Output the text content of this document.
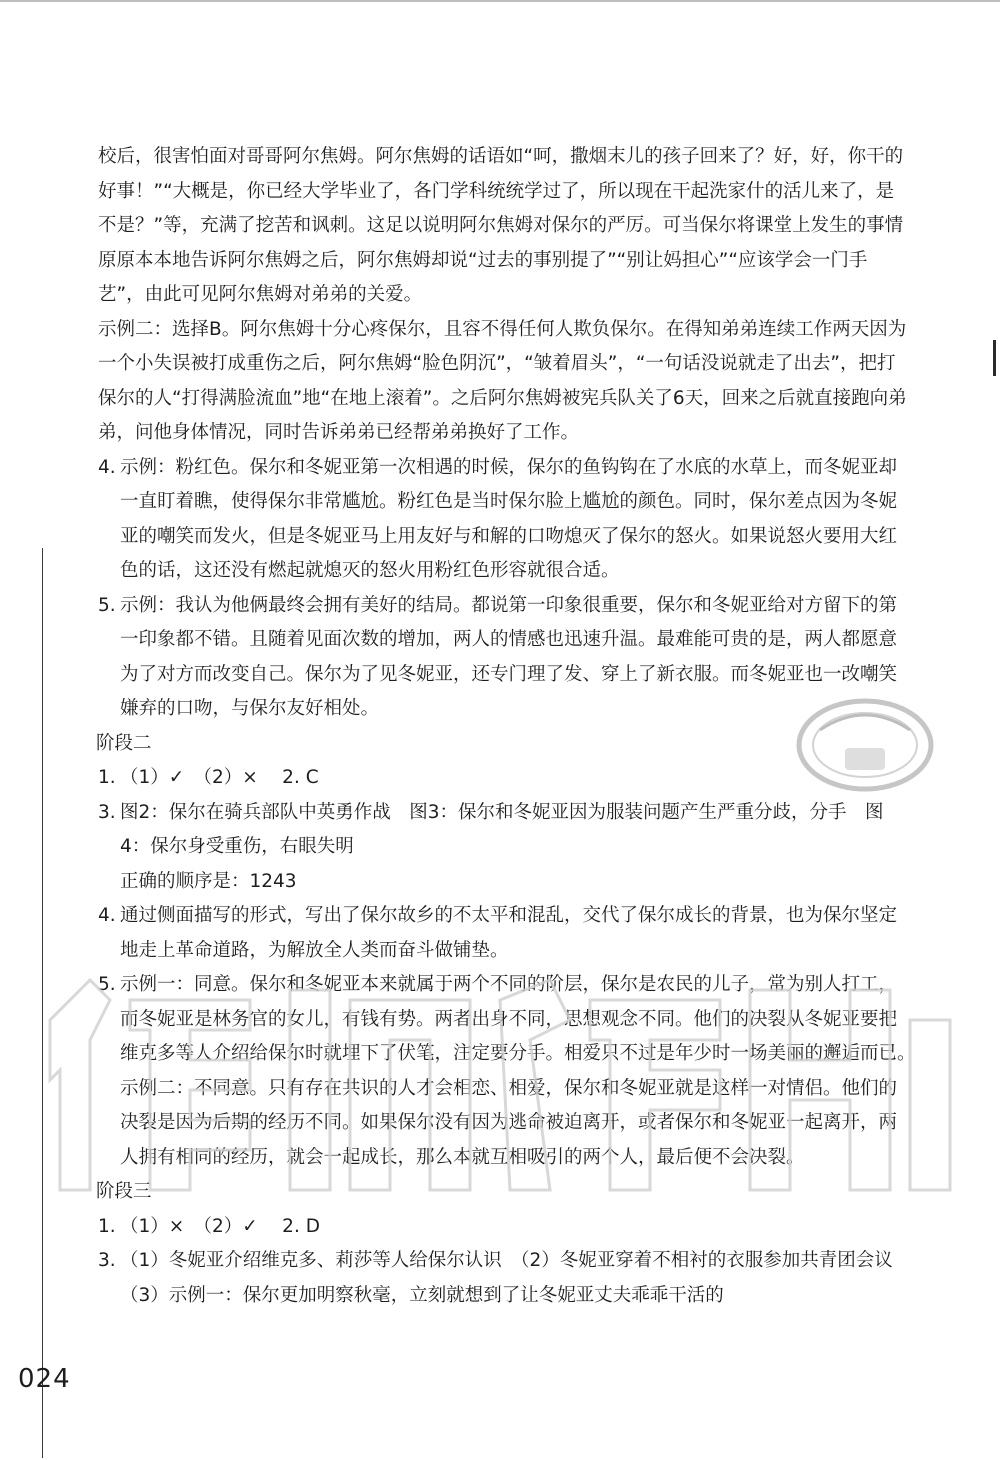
校后，很害怕面对哥哥阿尔焦姆。阿尔焦姆的话语如“呵，撒烟末儿的孩子回来了？好，好，你干的好事！”“大概是，你已经大学毕业了，各门学科统统学过了，所以现在干起洗家什的活儿来了，是不是？”等，充满了挖苦和讽刺。这足以说明阿尔焦姆对保尔的严厉。可当保尔将课堂上发生的事情原原本本地告诉阿尔焦姆之后，阿尔焦姆却说“过去的事别提了”“别让妈担心”“应该学会一门手艺”，由此可见阿尔焦姆对弟弟的关爱。

示例二：选择B。阿尔焦姆十分心疼保尔，且容不得任何人欺负保尔。在得知弟弟连续工作两天因为一个小失误被打成重伤之后，阿尔焦姆“脸色阴沉”，“皱着眉头”，“一句话没说就走了出去”，把打保尔的人“打得满脸流血”地“在地上滚着”。之后阿尔焦姆被宪兵队关了6天，回来之后就直接跑向弟弟，问他身体情况，同时告诉弟弟已经帮弟弟换好了工作。

4. 示例：粉红色。保尔和冬妮亚第一次相遇的时候，保尔的鱼钩钩在了水底的水草上，而冬妮亚却一直盯着瞧，使得保尔非常尴尬。粉红色是当时保尔脸上尴尬的颜色。同时，保尔差点因为冬妮亚的嘲笑而发火，但是冬妮亚马上用友好与和解的口吻熄灭了保尔的怒火。如果说怒火要用大红色的话，这还没有燃起就熄灭的怒火用粉红色形容就很合适。
5. 示例：我认为他俩最终会拥有美好的结局。都说第一印象很重要，保尔和冬妮亚给对方留下的第一印象都不错。且随着见面次数的增加，两人的情感也迅速升温。最难能可贵的是，两人都愿意为了对方而改变自己。保尔为了见冬妮亚，还专门理了发、穿上了新衣服。而冬妮亚也一改嘲笑嫌弃的口吻，与保尔友好相处。

阶段二

1. （1）✓　（2）×　 2. C
3. 图2：保尔在骑兵部队中英勇作战　图3：保尔和冬妮亚因为服装问题产生严重分歧，分手　图4：保尔身受重伤，右眼失明
正确的顺序是：1243
4. 通过侧面描写的形式，写出了保尔故乡的不太平和混乱，交代了保尔成长的背景，也为保尔坚定地走上革命道路，为解放全人类而奋斗做铺垫。
5. 示例一：同意。保尔和冬妮亚本来就属于两个不同的阶层，保尔是农民的儿子，常为别人打工，而冬妮亚是林务官的女儿，有钱有势。两者出身不同，思想观念不同。他们的决裂从冬妮亚要把维克多等人介绍给保尔时就埋下了伏笔，注定要分手。相爱只不过是年少时一场美丽的邂逅而已。　示例二：不同意。只有存在共识的人才会相恋、相爱，保尔和冬妮亚就是这样一对情侣。他们的决裂是因为后期的经历不同。如果保尔没有因为逃命被迫离开，或者保尔和冬妮亚一起离开，两人拥有相同的经历，就会一起成长，那么本就互相吸引的两个人，最后便不会决裂。

阶段三

1. （1）×　（2）✓　 2. D
3. （1）冬妮亚介绍维克多、莉莎等人给保尔认识　（2）冬妮亚穿着不相衬的衣服参加共青团会议　（3）示例一：保尔更加明察秋毫，立刻就想到了让冬妮亚丈夫乖乖干活的
024
